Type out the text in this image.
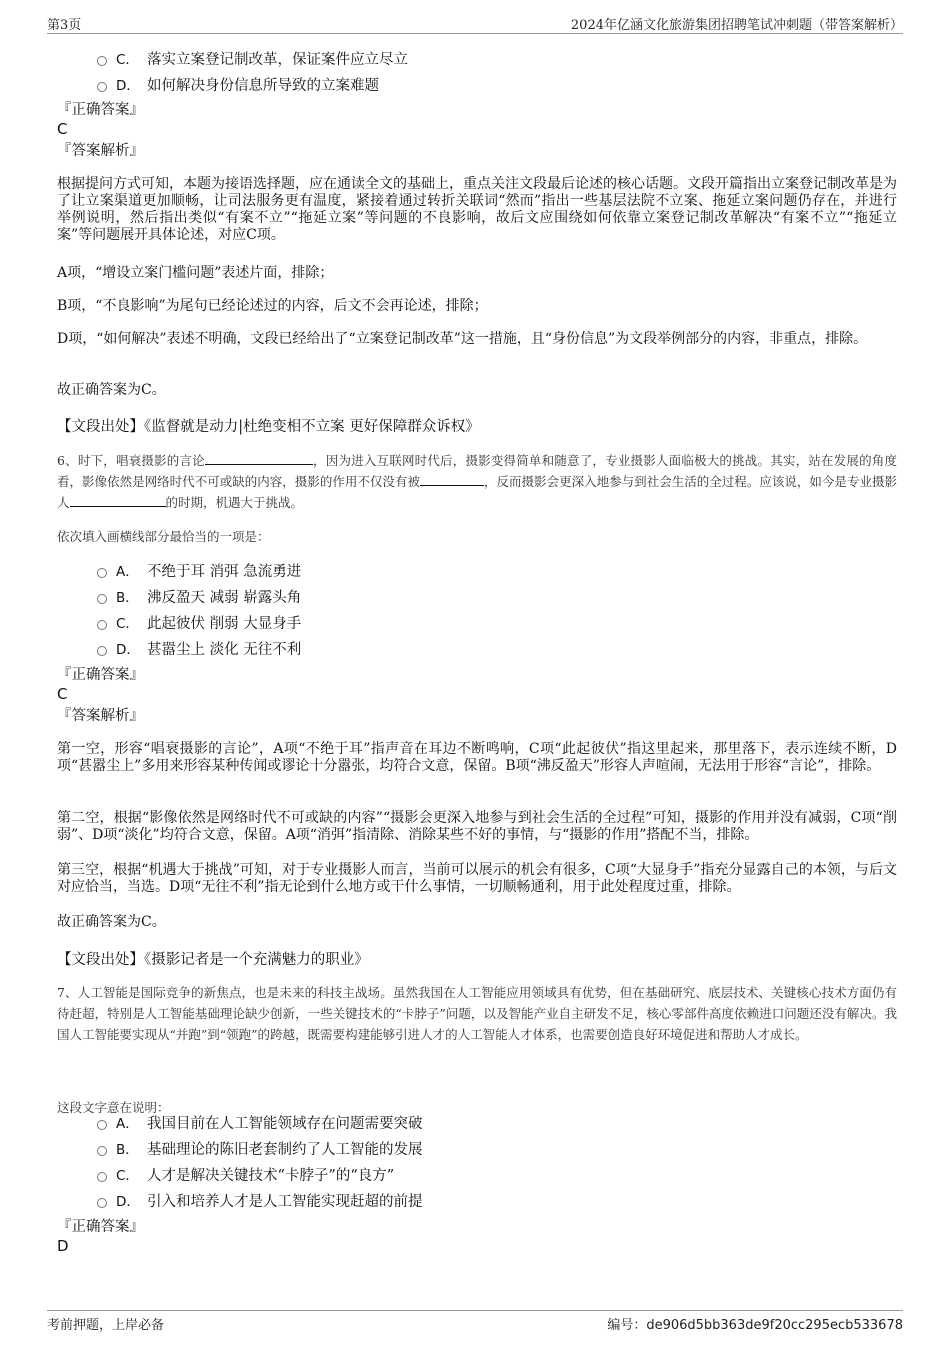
第3页	2024年亿涵文化旅游集团招聘笔试冲刺题（带答案解析）
C． 落实立案登记制改革，保证案件应立尽立
D． 如何解决身份信息所导致的立案难题
『正确答案』
C
『答案解析』
根据提问方式可知，本题为接语选择题，应在通读全文的基础上，重点关注文段最后论述的核心话题。文段开篇指出立案登记制改革是为了让立案渠道更加顺畅，让司法服务更有温度，紧接着通过转折关联词“然而”指出一些基层法院不立案、拖延立案问题仍存在，并进行举例说明，然后指出类似“有案不立”“拖延立案”等问题的不良影响，故后文应围绕如何依靠立案登记制改革解决“有案不立”“拖延立案”等问题展开具体论述，对应C项。
A项，“增设立案门槛问题”表述片面，排除；
B项，“不良影响”为尾句已经论述过的内容，后文不会再论述，排除；
D项，“如何解决”表述不明确，文段已经给出了“立案登记制改革”这一措施，且“身份信息”为文段举例部分的内容，非重点，排除。
故正确答案为C。
【文段出处】《监督就是动力|杜绝变相不立案 更好保障群众诉权》
6、时下，唱衰摄影的言论	，因为进入互联网时代后，摄影变得简单和随意了，专业摄影人面临极大的挑战。其实，站在发展的角度看，影像依然是网络时代不可或缺的内容，摄影的作用不仅没有被	，反而摄影会更深入地参与到社会生活的全过程。应该说，如今是专业摄影人	的时期，机遇大于挑战。
依次填入画横线部分最恰当的一项是：
A． 不绝于耳 消弭 急流勇进
B． 沸反盈天 减弱 崭露头角
C． 此起彼伏 削弱 大显身手
D． 甚嚣尘上 淡化 无往不利
『正确答案』
C
『答案解析』
第一空，形容“唱衰摄影的言论”，A项“不绝于耳”指声音在耳边不断鸣响，C项“此起彼伏”指这里起来，那里落下，表示连续不断，D项“甚嚣尘上”多用来形容某种传闻或谬论十分嚣张，均符合文意，保留。B项“沸反盈天”形容人声喧闹，无法用于形容“言论”，排除。
第二空，根据“影像依然是网络时代不可或缺的内容”“摄影会更深入地参与到社会生活的全过程”可知，摄影的作用并没有减弱，C项“削弱”、D项“淡化”均符合文意，保留。A项“消弭”指清除、消除某些不好的事情，与“摄影的作用”搭配不当，排除。
第三空，根据“机遇大于挑战”可知，对于专业摄影人而言，当前可以展示的机会有很多，C项“大显身手”指充分显露自己的本领，与后文对应恰当，当选。D项“无往不利”指无论到什么地方或干什么事情，一切顺畅通利，用于此处程度过重，排除。
故正确答案为C。
【文段出处】《摄影记者是一个充满魅力的职业》
7、人工智能是国际竞争的新焦点，也是未来的科技主战场。虽然我国在人工智能应用领域具有优势，但在基础研究、底层技术、关键核心技术方面仍有待赶超，特别是人工智能基础理论缺少创新，一些关键技术的“卡脖子”问题，以及智能产业自主研发不足，核心零部件高度依赖进口问题还没有解决。我国人工智能要实现从“并跑”到“领跑”的跨越，既需要构建能够引进人才的人工智能人才体系，也需要创造良好环境促进和帮助人才成长。
这段文字意在说明：
A． 我国目前在人工智能领域存在问题需要突破
B． 基础理论的陈旧老套制约了人工智能的发展
C． 人才是解决关键技术“卡脖子”的“良方”
D． 引入和培养人才是人工智能实现赶超的前提
『正确答案』
D
考前押题，上岸必备	编号：de906d5bb363de9f20cc295ecb533678
